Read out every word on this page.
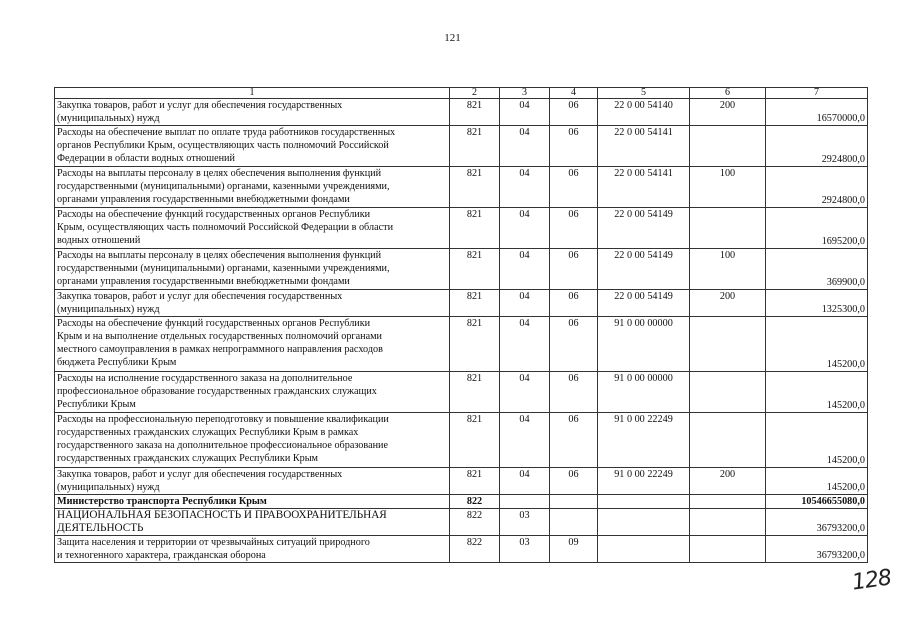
121
1	2	3	4	5	6	7
Закупка товаров, работ и услуг для обеспечения государственных
(муниципальных) нужд	821	04	06	22 0 00 54140	200	16570000,0
Расходы на обеспечение выплат по оплате труда работников государственных
органов Республики Крым, осуществляющих часть полномочий Российской
Федерации в области водных отношений	821	04	06	22 0 00 54141		2924800,0
Расходы на выплаты персоналу в целях обеспечения выполнения функций
государственными (муниципальными) органами, казенными учреждениями,
органами управления государственными внебюджетными фондами	821	04	06	22 0 00 54141	100	2924800,0
Расходы на обеспечение функций государственных органов Республики
Крым, осуществляющих часть полномочий Российской Федерации в области
водных отношений	821	04	06	22 0 00 54149		1695200,0
Расходы на выплаты персоналу в целях обеспечения выполнения функций
государственными (муниципальными) органами, казенными учреждениями,
органами управления государственными внебюджетными фондами	821	04	06	22 0 00 54149	100	369900,0
Закупка товаров, работ и услуг для обеспечения государственных
(муниципальных) нужд	821	04	06	22 0 00 54149	200	1325300,0
Расходы на обеспечение функций государственных органов Республики
Крым и на выполнение отдельных государственных полномочий органами
местного самоуправления в рамках непрограммного направления расходов
бюджета Республики Крым	821	04	06	91 0 00 00000		145200,0
Расходы на исполнение государственного заказа на дополнительное
профессиональное образование государственных гражданских служащих
Республики Крым	821	04	06	91 0 00 00000		145200,0
Расходы на профессиональную переподготовку и повышение квалификации
государственных гражданских служащих Республики Крым в рамках
государственного заказа на дополнительное профессиональное образование
государственных гражданских служащих Республики Крым	821	04	06	91 0 00 22249		145200,0
Закупка товаров, работ и услуг для обеспечения государственных
(муниципальных) нужд	821	04	06	91 0 00 22249	200	145200,0
Министерство транспорта Республики Крым	822					10546655080,0
НАЦИОНАЛЬНАЯ БЕЗОПАСНОСТЬ И ПРАВООХРАНИТЕЛЬНАЯ
ДЕЯТЕЛЬНОСТЬ	822	03				36793200,0
Защита населения и территории от чрезвычайных ситуаций природного
и техногенного характера, гражданская оборона	822	03	09			36793200,0
128
